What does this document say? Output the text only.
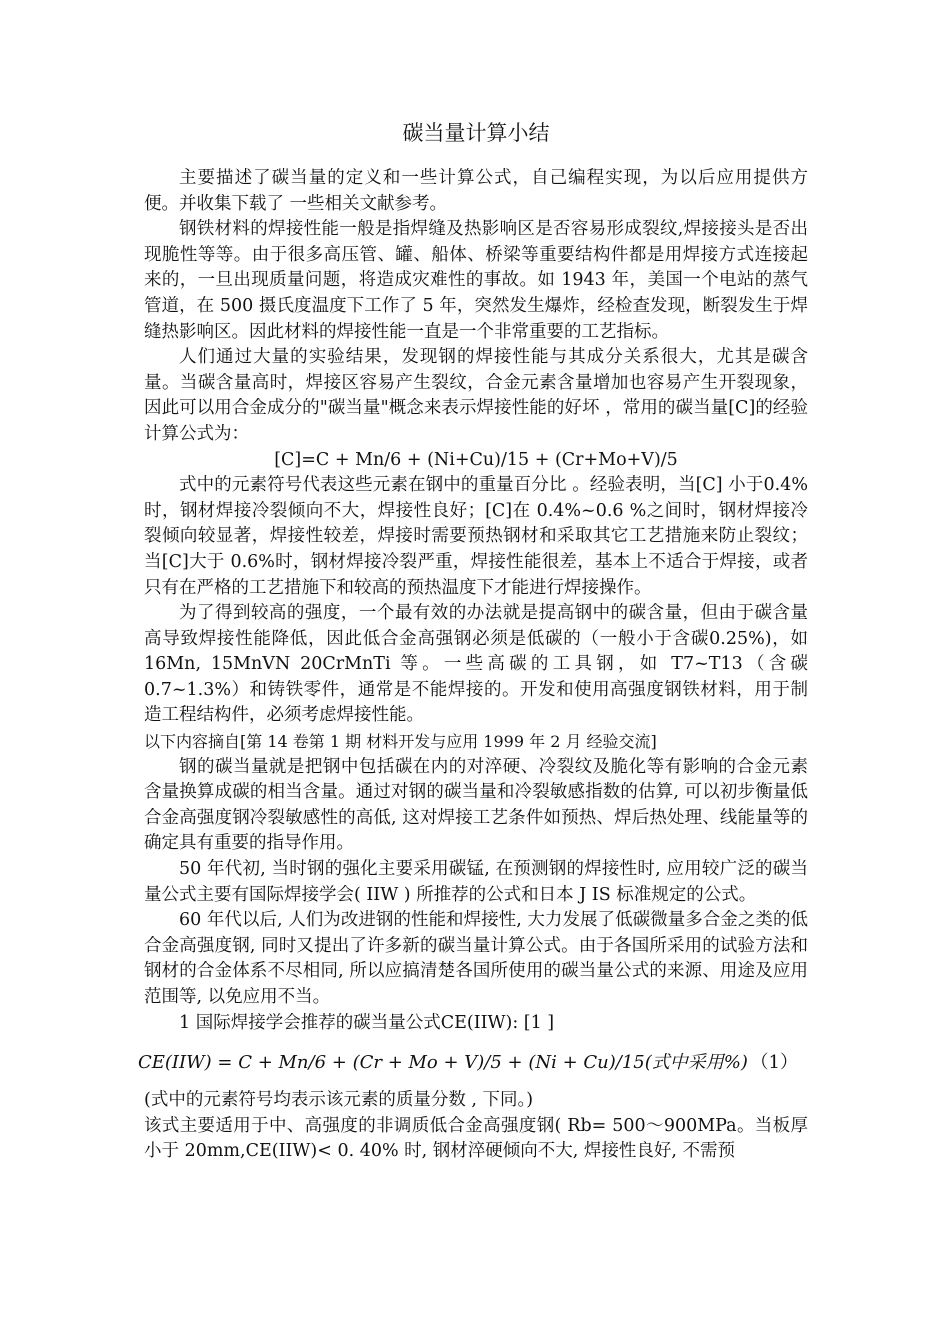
碳当量计算小结

主要描述了碳当量的定义和一些计算公式，自己编程实现，为以后应用提供方便。并收集下载了 一些相关文献参考。

钢铁材料的焊接性能一般是指焊缝及热影响区是否容易形成裂纹,焊接接头是否出现脆性等等。由于很多高压管、罐、船体、桥梁等重要结构件都是用焊接方式连接起来的，一旦出现质量问题，将造成灾难性的事故。如 1943 年，美国一个电站的蒸气管道，在 500 摄氏度温度下工作了 5 年，突然发生爆炸，经检查发现，断裂发生于焊缝热影响区。因此材料的焊接性能一直是一个非常重要的工艺指标。

人们通过大量的实验结果，发现钢的焊接性能与其成分关系很大，尤其是碳含量。当碳含量高时，焊接区容易产生裂纹，合金元素含量增加也容易产生开裂现象，因此可以用合金成分的"碳当量"概念来表示焊接性能的好坏 ，常用的碳当量[C]的经验计算公式为：

[C]=C + Mn/6 + (Ni+Cu)/15 + (Cr+Mo+V)/5

式中的元素符号代表这些元素在钢中的重量百分比 。经验表明，当[C] 小于0.4% 时，钢材焊接冷裂倾向不大，焊接性良好；[C]在 0.4%~0.6 %之间时，钢材焊接冷裂倾向较显著，焊接性较差，焊接时需要预热钢材和采取其它工艺措施来防止裂纹；当[C]大于 0.6%时，钢材焊接冷裂严重，焊接性能很差，基本上不适合于焊接，或者只有在严格的工艺措施下和较高的预热温度下才能进行焊接操作。

为了得到较高的强度，一个最有效的办法就是提高钢中的碳含量，但由于碳含量高导致焊接性能降低，因此低合金高强钢必须是低碳的（一般小于含碳0.25%)，如 16Mn, 15MnVN 20CrMnTi 等。一些高碳的工具钢，如 T7~T13（含碳 0.7~1.3%）和铸铁零件，通常是不能焊接的。开发和使用高强度钢铁材料，用于制造工程结构件，必须考虑焊接性能。

以下内容摘自[第 14 卷第 1 期 材料开发与应用 1999 年 2 月 经验交流]

钢的碳当量就是把钢中包括碳在内的对淬硬、冷裂纹及脆化等有影响的合金元素含量换算成碳的相当含量。通过对钢的碳当量和冷裂敏感指数的估算, 可以初步衡量低合金高强度钢冷裂敏感性的高低, 这对焊接工艺条件如预热、焊后热处理、线能量等的确定具有重要的指导作用。

50 年代初, 当时钢的强化主要采用碳锰, 在预测钢的焊接性时, 应用较广泛的碳当量公式主要有国际焊接学会( IIW ) 所推荐的公式和日本 J IS 标准规定的公式。

60 年代以后, 人们为改进钢的性能和焊接性, 大力发展了低碳微量多合金之类的低合金高强度钢, 同时又提出了许多新的碳当量计算公式。由于各国所采用的试验方法和钢材的合金体系不尽相同, 所以应搞清楚各国所使用的碳当量公式的来源、用途及应用范围等, 以免应用不当。

1 国际焊接学会推荐的碳当量公式CE(IIW): [1 ]

CE(IIW) = C + Mn/6 + (Cr + Mo + V)/5 + (Ni + Cu)/15(式中采用%) （1）

(式中的元素符号均表示该元素的质量分数 , 下同。)

该式主要适用于中、高强度的非调质低合金高强度钢( Rb= 500～900MPa。当板厚小于 20mm,CE(IIW)< 0. 40% 时, 钢材淬硬倾向不大, 焊接性良好, 不需预
